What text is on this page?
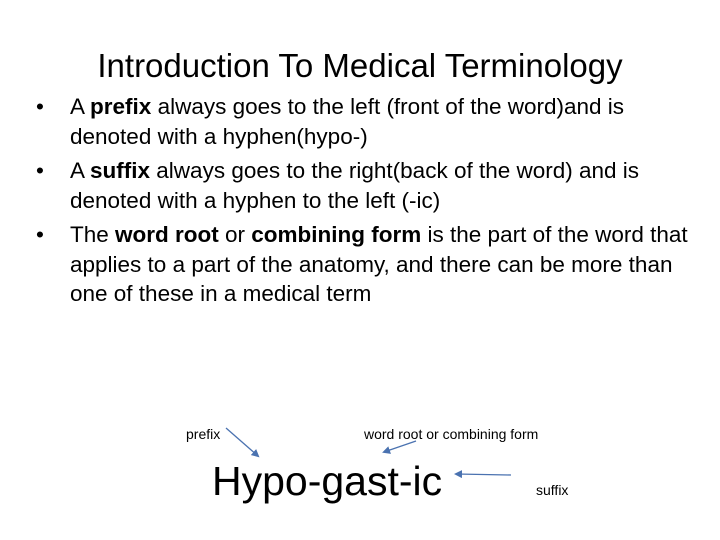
Introduction To Medical Terminology
•	A prefix always goes to the left (front of the word)and is denoted with a hyphen(hypo-)
•	A suffix always goes to the right(back of the word) and is denoted with a hyphen to the left (-ic)
•	The word root or combining form is the part of the word that applies to a part of the anatomy, and there can be more than one of these in a medical term
prefix	word root or combining form
suffix
Hypo-gast-ic
